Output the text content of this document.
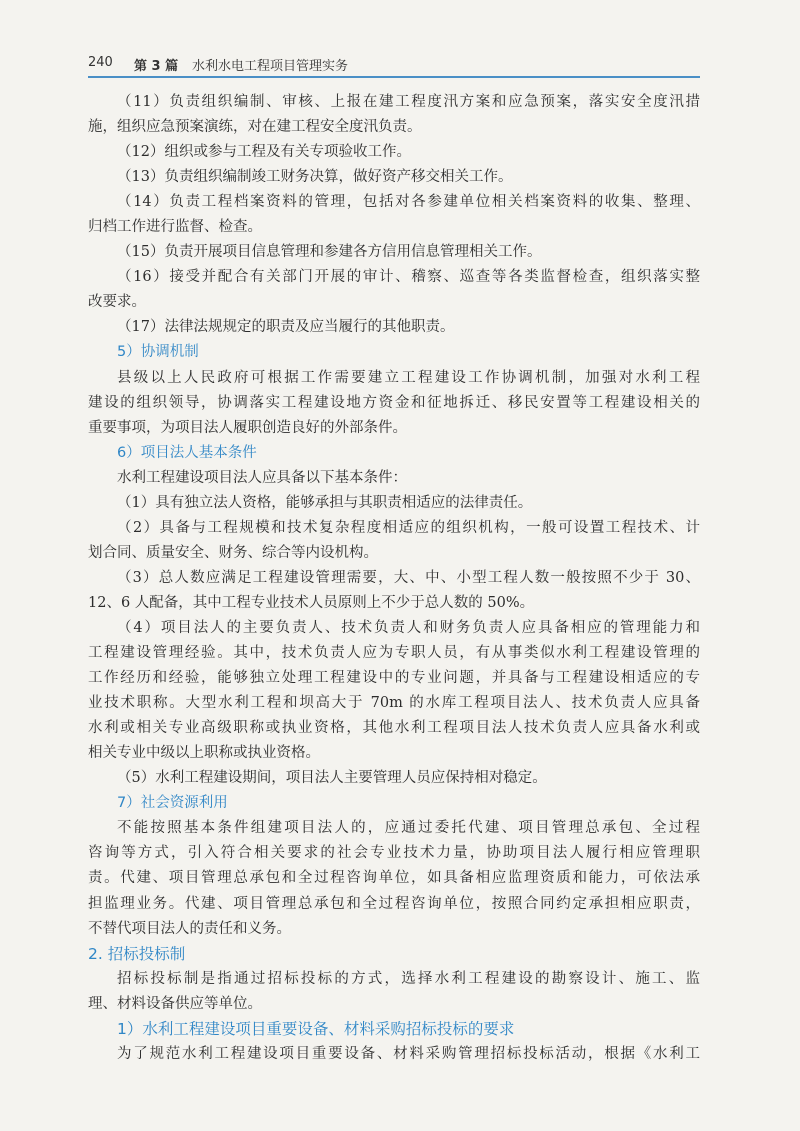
240 第 3 篇 水利水电工程项目管理实务
（11）负责组织编制、审核、上报在建工程度汛方案和应急预案，落实安全度汛措
施，组织应急预案演练，对在建工程安全度汛负责。
（12）组织或参与工程及有关专项验收工作。
（13）负责组织编制竣工财务决算，做好资产移交相关工作。
（14）负责工程档案资料的管理，包括对各参建单位相关档案资料的收集、整理、
归档工作进行监督、检查。
（15）负责开展项目信息管理和参建各方信用信息管理相关工作。
（16）接受并配合有关部门开展的审计、稽察、巡查等各类监督检查，组织落实整
改要求。
（17）法律法规规定的职责及应当履行的其他职责。
5）协调机制
县级以上人民政府可根据工作需要建立工程建设工作协调机制，加强对水利工程
建设的组织领导，协调落实工程建设地方资金和征地拆迁、移民安置等工程建设相关的
重要事项，为项目法人履职创造良好的外部条件。
6）项目法人基本条件
水利工程建设项目法人应具备以下基本条件：
（1）具有独立法人资格，能够承担与其职责相适应的法律责任。
（2）具备与工程规模和技术复杂程度相适应的组织机构，一般可设置工程技术、计
划合同、质量安全、财务、综合等内设机构。
（3）总人数应满足工程建设管理需要，大、中、小型工程人数一般按照不少于 30、
12、6 人配备，其中工程专业技术人员原则上不少于总人数的 50%。
（4）项目法人的主要负责人、技术负责人和财务负责人应具备相应的管理能力和
工程建设管理经验。其中，技术负责人应为专职人员，有从事类似水利工程建设管理的
工作经历和经验，能够独立处理工程建设中的专业问题，并具备与工程建设相适应的专
业技术职称。大型水利工程和坝高大于 70m 的水库工程项目法人、技术负责人应具备
水利或相关专业高级职称或执业资格，其他水利工程项目法人技术负责人应具备水利或
相关专业中级以上职称或执业资格。
（5）水利工程建设期间，项目法人主要管理人员应保持相对稳定。
7）社会资源利用
不能按照基本条件组建项目法人的，应通过委托代建、项目管理总承包、全过程
咨询等方式，引入符合相关要求的社会专业技术力量，协助项目法人履行相应管理职
责。代建、项目管理总承包和全过程咨询单位，如具备相应监理资质和能力，可依法承
担监理业务。代建、项目管理总承包和全过程咨询单位，按照合同约定承担相应职责，
不替代项目法人的责任和义务。
2. 招标投标制
招标投标制是指通过招标投标的方式，选择水利工程建设的勘察设计、施工、监
理、材料设备供应等单位。
1）水利工程建设项目重要设备、材料采购招标投标的要求
为了规范水利工程建设项目重要设备、材料采购管理招标投标活动，根据《水利工
